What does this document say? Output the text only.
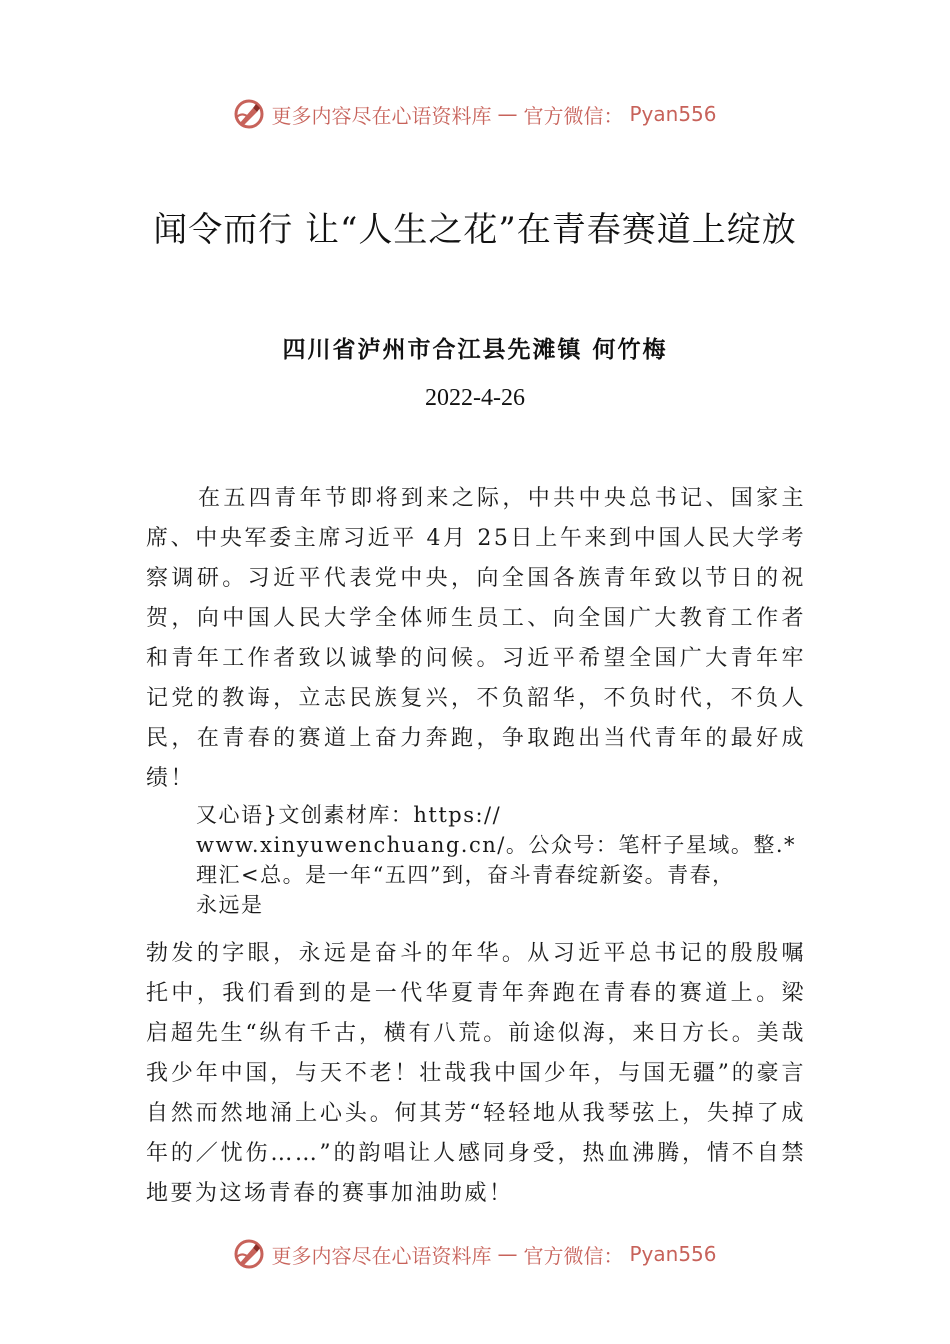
更多内容尽在心语资料库 — 官方微信： Pyan556
闻令而行 让“人生之花”在青春赛道上绽放
四川省泸州市合江县先滩镇 何竹梅
2022-4-26

在五四青年节即将到来之际，中共中央总书记、国家主席、中央军委主席习近平 4月 25日上午来到中国人民大学考察调研。习近平代表党中央，向全国各族青年致以节日的祝贺，向中国人民大学全体师生员工、向全国广大教育工作者和青年工作者致以诚挚的问候。习近平希望全国广大青年牢记党的教诲，立志民族复兴，不负韶华，不负时代，不负人民，在青春的赛道上奋力奔跑，争取跑出当代青年的最好成绩！

又心语}文创素材库：https://
www.xinyuwenchuang.cn/。公众号：笔杆子星域。整.*
理汇<总。是一年“五四”到，奋斗青春绽新姿。青春，
永远是

勃发的字眼，永远是奋斗的年华。从习近平总书记的殷殷嘱托中，我们看到的是一代华夏青年奔跑在青春的赛道上。梁启超先生“纵有千古，横有八荒。前途似海，来日方长。美哉我少年中国，与天不老！壮哉我中国少年，与国无疆”的豪言自然而然地涌上心头。何其芳“轻轻地从我琴弦上，失掉了成年的／忧伤……”的韵唱让人感同身受，热血沸腾，情不自禁地要为这场青春的赛事加油助威！

更多内容尽在心语资料库 — 官方微信： Pyan556
